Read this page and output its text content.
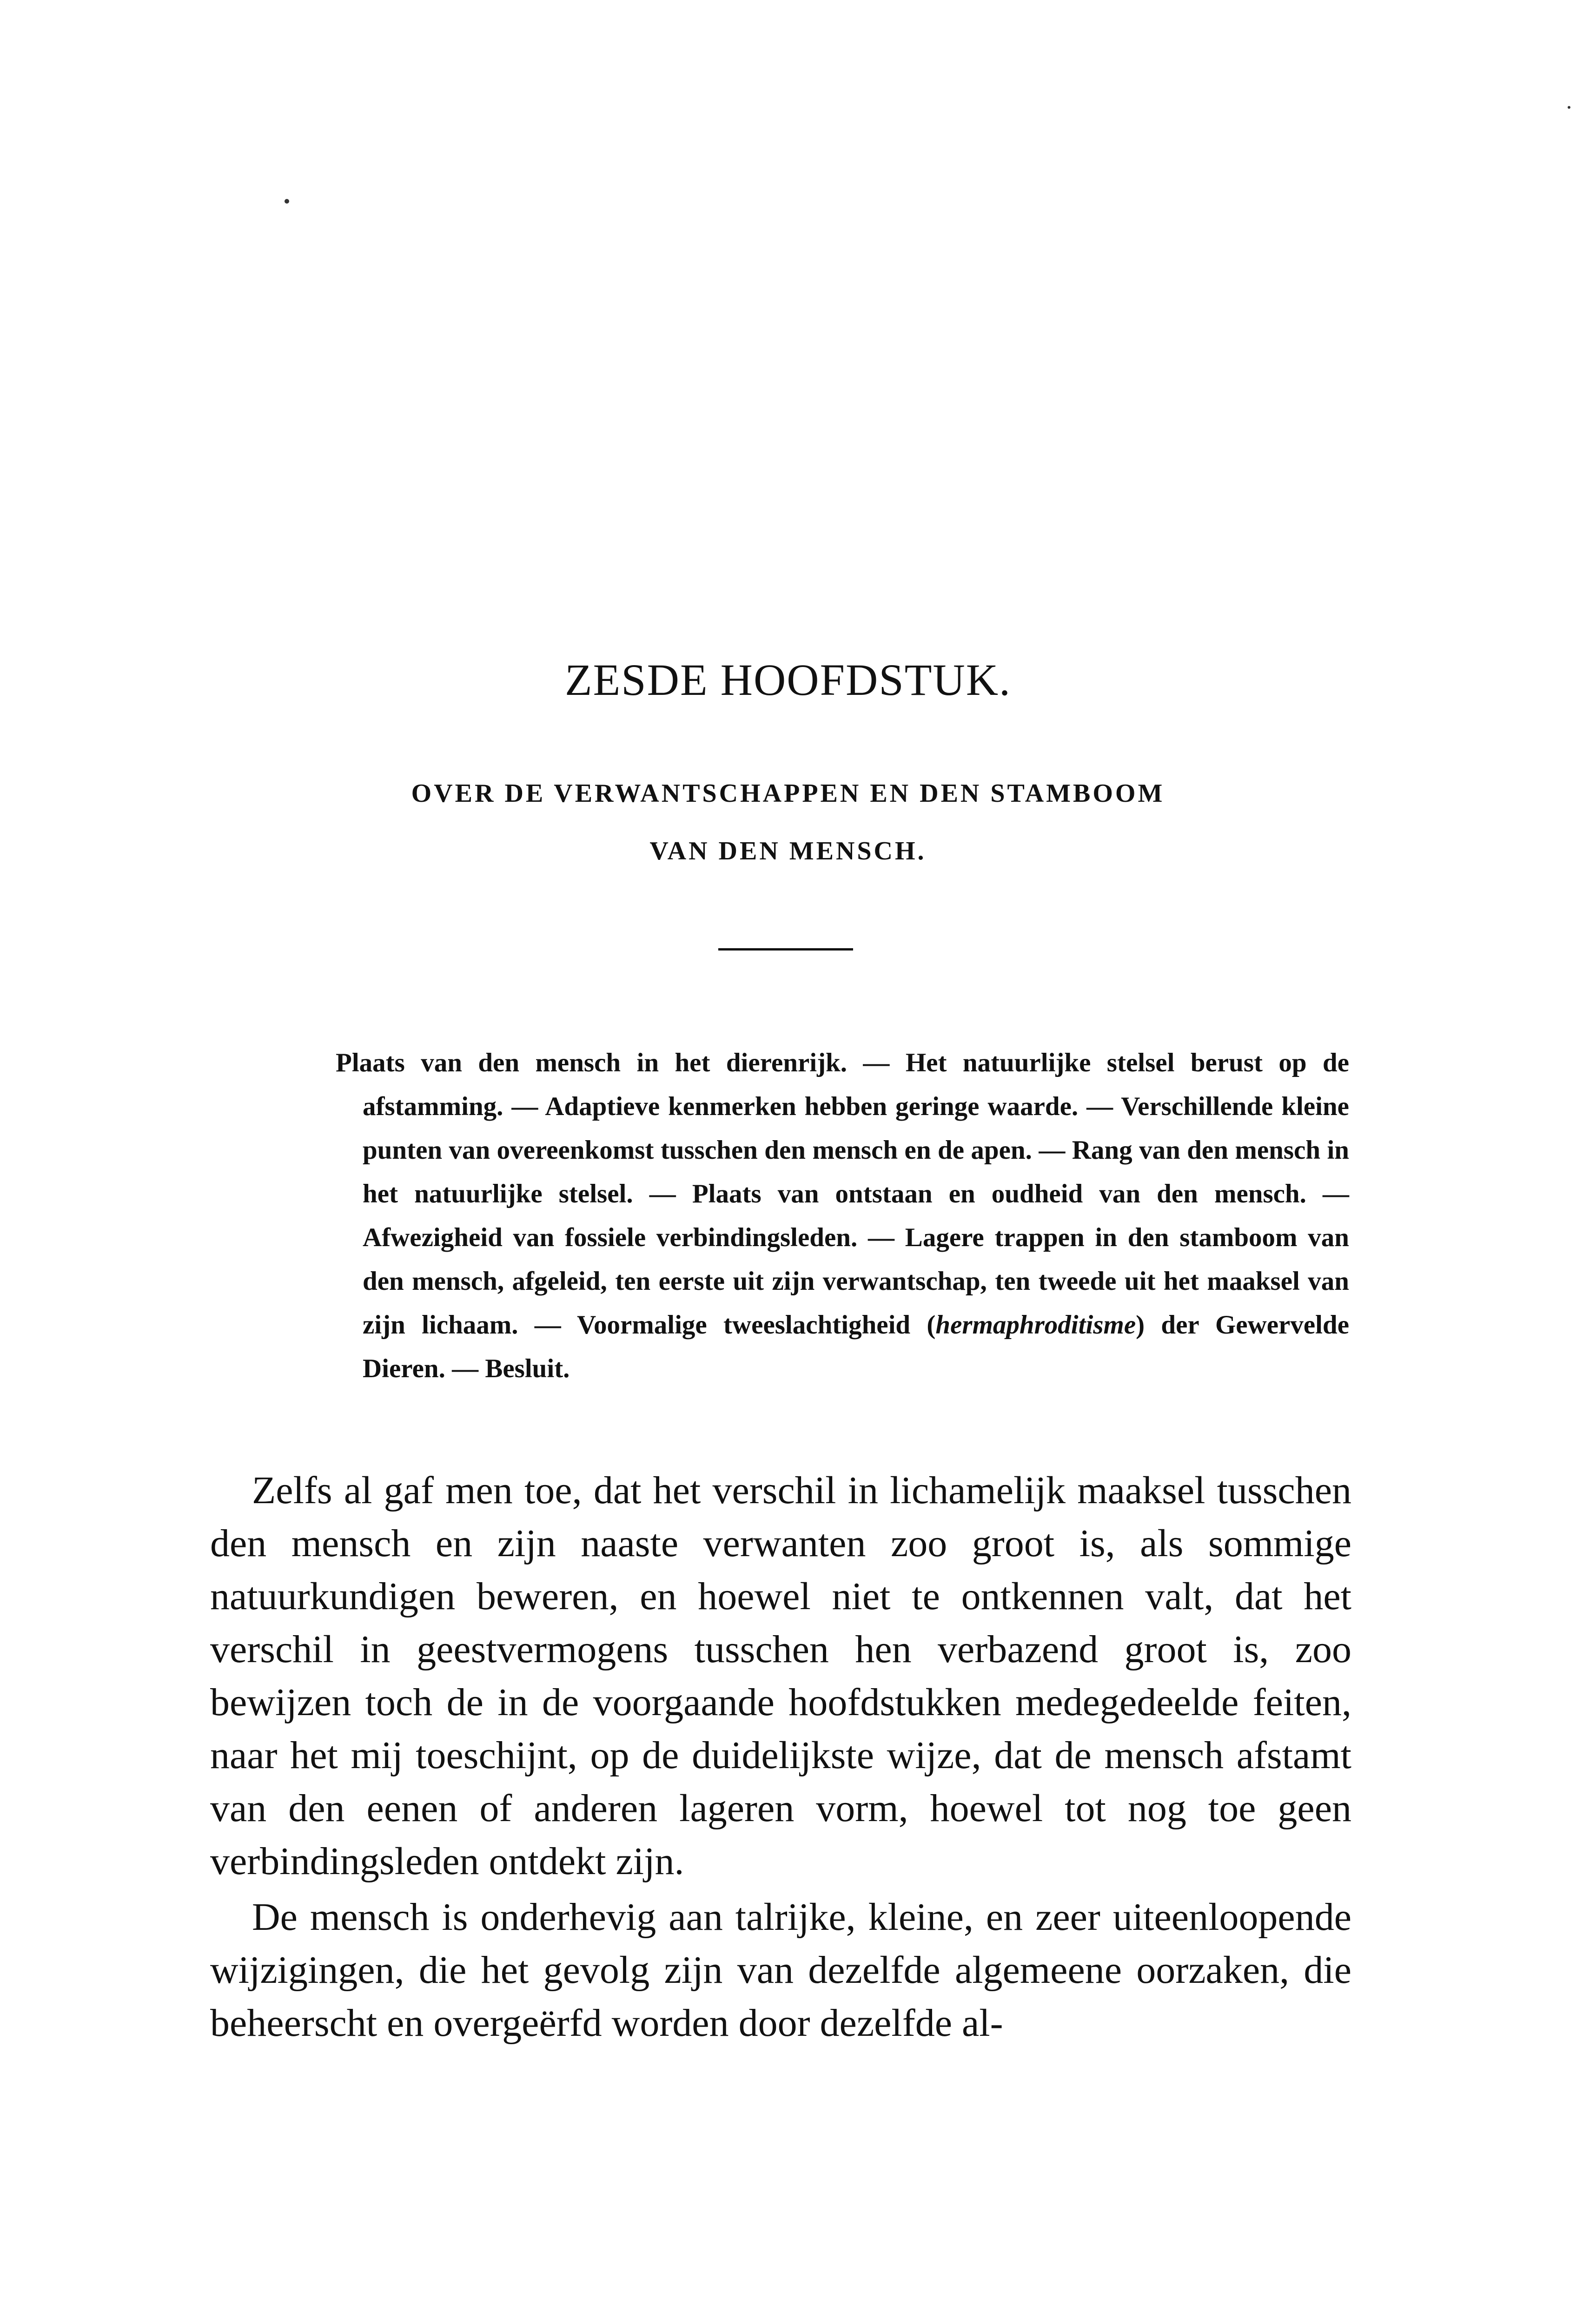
ZESDE HOOFDSTUK.
OVER DE VERWANTSCHAPPEN EN DEN STAMBOOM
VAN DEN MENSCH.
Plaats van den mensch in het dierenrijk. — Het natuurlijke stelsel berust op de afstamming. — Adaptieve kenmerken hebben geringe waarde. — Verschillende kleine punten van overeenkomst tusschen den mensch en de apen. — Rang van den mensch in het natuurlijke stelsel. — Plaats van ontstaan en oudheid van den mensch. — Afwezigheid van fossiele verbindingsleden. — Lagere trappen in den stamboom van den mensch, afgeleid, ten eerste uit zijn verwantschap, ten tweede uit het maaksel van zijn lichaam. — Voormalige tweeslachtigheid (hermaphroditisme) der Gewervelde Dieren. — Besluit.

Zelfs al gaf men toe, dat het verschil in lichamelijk maaksel tusschen den mensch en zijn naaste verwanten zoo groot is, als sommige natuurkundigen beweren, en hoewel niet te ontkennen valt, dat het verschil in geestvermogens tusschen hen verbazend groot is, zoo bewijzen toch de in de voorgaande hoofdstukken medegedeelde feiten, naar het mij toeschijnt, op de duidelijkste wijze, dat de mensch afstamt van den eenen of anderen lageren vorm, hoewel tot nog toe geen verbindingsleden ontdekt zijn.

De mensch is onderhevig aan talrijke, kleine, en zeer uiteenloopende wijzigingen, die het gevolg zijn van dezelfde algemeene oorzaken, die beheerscht en overgeërfd worden door dezelfde al-
